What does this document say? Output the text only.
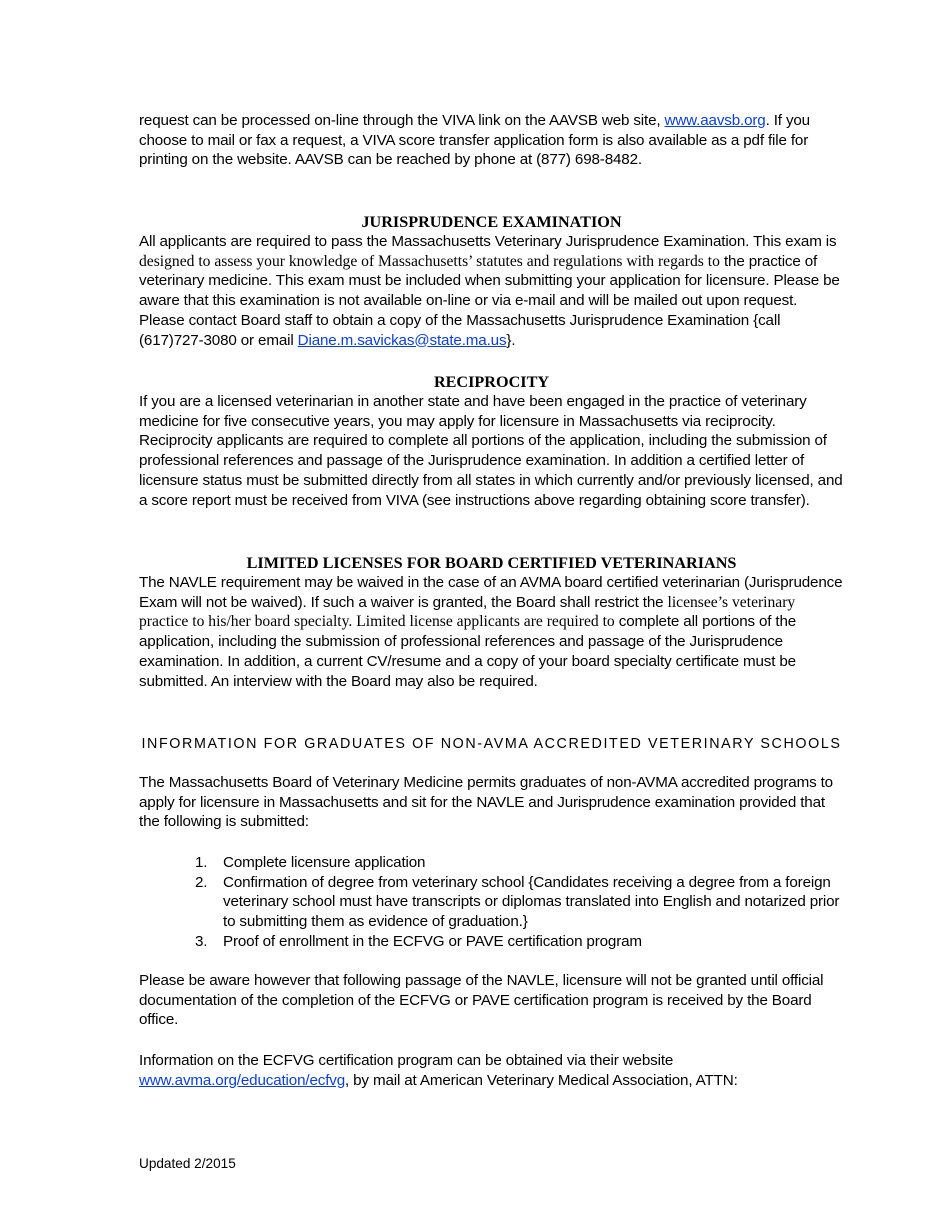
request can be processed on-line through the VIVA link on the AAVSB web site, www.aavsb.org. If you choose to mail or fax a request, a VIVA score transfer application form is also available as a pdf file for printing on the website. AAVSB can be reached by phone at (877) 698-8482.

JURISPRUDENCE EXAMINATION

All applicants are required to pass the Massachusetts Veterinary Jurisprudence Examination. This exam is designed to assess your knowledge of Massachusetts’ statutes and regulations with regards to the practice of veterinary medicine. This exam must be included when submitting your application for licensure. Please be aware that this examination is not available on-line or via e-mail and will be mailed out upon request. Please contact Board staff to obtain a copy of the Massachusetts Jurisprudence Examination {call (617)727-3080 or email Diane.m.savickas@state.ma.us}.

RECIPROCITY

If you are a licensed veterinarian in another state and have been engaged in the practice of veterinary medicine for five consecutive years, you may apply for licensure in Massachusetts via reciprocity. Reciprocity applicants are required to complete all portions of the application, including the submission of professional references and passage of the Jurisprudence examination. In addition a certified letter of licensure status must be submitted directly from all states in which currently and/or previously licensed, and a score report must be received from VIVA (see instructions above regarding obtaining score transfer).

LIMITED LICENSES FOR BOARD CERTIFIED VETERINARIANS

The NAVLE requirement may be waived in the case of an AVMA board certified veterinarian (Jurisprudence Exam will not be waived). If such a waiver is granted, the Board shall restrict the licensee’s veterinary practice to his/her board specialty. Limited license applicants are required to complete all portions of the application, including the submission of professional references and passage of the Jurisprudence examination. In addition, a current CV/resume and a copy of your board specialty certificate must be submitted. An interview with the Board may also be required.

INFORMATION FOR GRADUATES OF NON-AVMA ACCREDITED VETERINARY SCHOOLS

The Massachusetts Board of Veterinary Medicine permits graduates of non-AVMA accredited programs to apply for licensure in Massachusetts and sit for the NAVLE and Jurisprudence examination provided that the following is submitted:

1. Complete licensure application
2. Confirmation of degree from veterinary school {Candidates receiving a degree from a foreign veterinary school must have transcripts or diplomas translated into English and notarized prior to submitting them as evidence of graduation.}
3. Proof of enrollment in the ECFVG or PAVE certification program

Please be aware however that following passage of the NAVLE, licensure will not be granted until official documentation of the completion of the ECFVG or PAVE certification program is received by the Board office.

Information on the ECFVG certification program can be obtained via their website www.avma.org/education/ecfvg, by mail at American Veterinary Medical Association, ATTN:

Updated 2/2015
